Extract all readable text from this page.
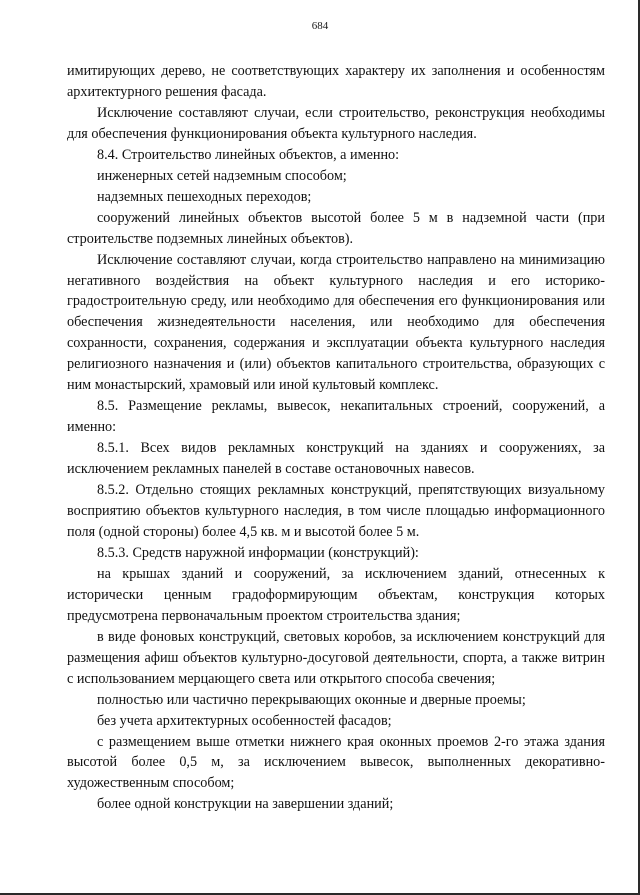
684

имитирующих дерево, не соответствующих характеру их заполнения и особенностям архитектурного решения фасада.

Исключение составляют случаи, если строительство, реконструкция необходимы для обеспечения функционирования объекта культурного наследия.

8.4. Строительство линейных объектов, а именно:

инженерных сетей надземным способом;

надземных пешеходных переходов;

сооружений линейных объектов высотой более 5 м в надземной части (при строительстве подземных линейных объектов).

Исключение составляют случаи, когда строительство направлено на минимизацию негативного воздействия на объект культурного наследия и его историко-градостроительную среду, или необходимо для обеспечения его функционирования или обеспечения жизнедеятельности населения, или необходимо для обеспечения сохранности, сохранения, содержания и эксплуатации объекта культурного наследия религиозного назначения и (или) объектов капитального строительства, образующих с ним монастырский, храмовый или иной культовый комплекс.

8.5. Размещение рекламы, вывесок, некапитальных строений, сооружений, а именно:

8.5.1. Всех видов рекламных конструкций на зданиях и сооружениях, за исключением рекламных панелей в составе остановочных навесов.

8.5.2. Отдельно стоящих рекламных конструкций, препятствующих визуальному восприятию объектов культурного наследия, в том числе площадью информационного поля (одной стороны) более 4,5 кв. м и высотой более 5 м.

8.5.3. Средств наружной информации (конструкций):

на крышах зданий и сооружений, за исключением зданий, отнесенных к исторически ценным градоформирующим объектам, конструкция которых предусмотрена первоначальным проектом строительства здания;

в виде фоновых конструкций, световых коробов, за исключением конструкций для размещения афиш объектов культурно-досуговой деятельности, спорта, а также витрин с использованием мерцающего света или открытого способа свечения;

полностью или частично перекрывающих оконные и дверные проемы;

без учета архитектурных особенностей фасадов;

с размещением выше отметки нижнего края оконных проемов 2-го этажа здания высотой более 0,5 м, за исключением вывесок, выполненных декоративно-художественным способом;

более одной конструкции на завершении зданий;
